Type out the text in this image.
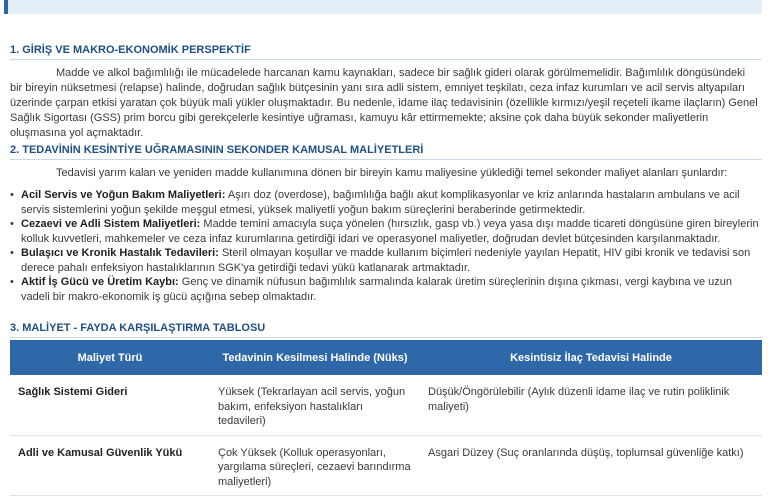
1. GİRİŞ VE MAKRO-EKONOMİK PERSPEKTİF

Madde ve alkol bağımlılığı ile mücadelede harcanan kamu kaynakları, sadece bir sağlık gideri olarak görülmemelidir. Bağımlılık döngüsündeki bir bireyin nüksetmesi (relapse) halinde, doğrudan sağlık bütçesinin yanı sıra adli sistem, emniyet teşkilatı, ceza infaz kurumları ve acil servis altyapıları üzerinde çarpan etkisi yaratan çok büyük mali yükler oluşmaktadır. Bu nedenle, idame ilaç tedavisinin (özellikle kırmızı/yeşil reçeteli ikame ilaçların) Genel Sağlık Sigortası (GSS) prim borcu gibi gerekçelerle kesintiye uğraması, kamuyu kâr ettirmemekte; aksine çok daha büyük sekonder maliyetlerin oluşmasına yol açmaktadır.

2. TEDAVİNİN KESİNTİYE UĞRAMASININ SEKONDER KAMUSAL MALİYETLERİ

Tedavisi yarım kalan ve yeniden madde kullanımına dönen bir bireyin kamu maliyesine yüklediği temel sekonder maliyet alanları şunlardır:

• Acil Servis ve Yoğun Bakım Maliyetleri: Aşırı doz (overdose), bağımlılığa bağlı akut komplikasyonlar ve kriz anlarında hastaların ambulans ve acil servis sistemlerini yoğun şekilde meşgul etmesi, yüksek maliyetli yoğun bakım süreçlerini beraberinde getirmektedir.
• Cezaevi ve Adli Sistem Maliyetleri: Madde temini amacıyla suça yönelen (hırsızlık, gasp vb.) veya yasa dışı madde ticareti döngüsüne giren bireylerin kolluk kuvvetleri, mahkemeler ve ceza infaz kurumlarına getirdiği idari ve operasyonel maliyetler, doğrudan devlet bütçesinden karşılanmaktadır.
• Bulaşıcı ve Kronik Hastalık Tedavileri: Steril olmayan koşullar ve madde kullanım biçimleri nedeniyle yayılan Hepatit, HIV gibi kronik ve tedavisi son derece pahalı enfeksiyon hastalıklarının SGK'ya getirdiği tedavi yükü katlanarak artmaktadır.
• Aktif İş Gücü ve Üretim Kaybı: Genç ve dinamik nüfusun bağımlılık sarmalında kalarak üretim süreçlerinin dışına çıkması, vergi kaybına ve uzun vadeli bir makro-ekonomik iş gücü açığına sebep olmaktadır.
3. MALİYET - FAYDA KARŞILAŞTIRMA TABLOSU
Maliyet Türü	Tedavinin Kesilmesi Halinde (Nüks)	Kesintisiz İlaç Tedavisi Halinde
Sağlık Sistemi Gideri	Yüksek (Tekrarlayan acil servis, yoğun bakım, enfeksiyon hastalıkları tedavileri)	Düşük/Öngörülebilir (Aylık düzenli idame ilaç ve rutin poliklinik maliyeti)
Adli ve Kamusal Güvenlik Yükü	Çok Yüksek (Kolluk operasyonları, yargılama süreçleri, cezaevi barındırma maliyetleri)	Asgari Düzey (Suç oranlarında düşüş, toplumsal güvenliğe katkı)
